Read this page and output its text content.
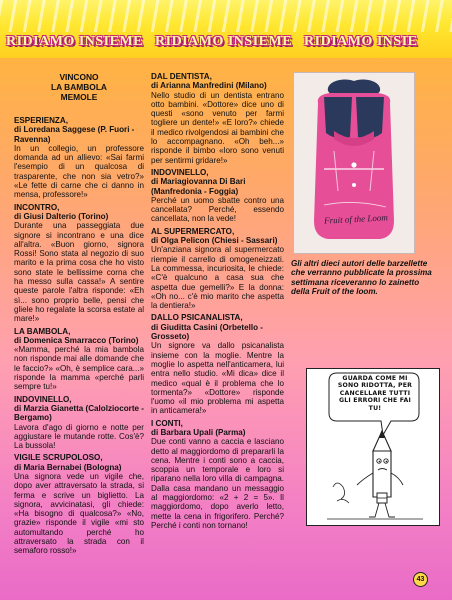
RIDIAMO INSIEME RIDIAMO INSIEME RIDIAMO INSIE
VINCONO
LA BAMBOLA
MEMOLE
ESPERIENZA,
di Loredana Saggese (P. Fuori - Ravenna)

In un collegio, un professore domanda ad un allievo: «Sai farmi l'esempio di un qualcosa di trasparente, che non sia vetro?» «Le fette di carne che ci danno in mensa, professore!»

INCONTRO,
di Giusi Dalterio (Torino)

Durante una passeggiata due signore si incontrano e una dice all'altra. «Buon giorno, signora Rossi! Sono stata al negozio di suo marito e la prima cosa che ho visto sono state le bellissime corna che ha messo sulla cassa!» A sentire queste parole l'altra risponde: «Eh sì... sono proprio belle, pensi che gliele ho regalate la scorsa estate al mare!»

LA BAMBOLA,
di Domenica Smarracco (Torino)

«Mamma, perché la mia bambola non risponde mai alle domande che le faccio?» «Oh, è semplice cara...» risponde la mamma «perché parli sempre tu!»

INDOVINELLO,
di Marzia Gianetta (Calolziocorte - Bergamo)

Lavora d'ago di giorno e notte per aggiustare le mutande rotte. Cos'è? La bussola!

VIGILE SCRUPOLOSO,
di Maria Bernabei (Bologna)

Una signora vede un vigile che, dopo aver attraversato la strada, si ferma e scrive un biglietto. La signora, avvicinatasi, gli chiede: «Ha bisogno di qualcosa?» «No, grazie» risponde il vigile «mi sto automultando perché ho attraversato la strada con il semaforo rosso!»

DAL DENTISTA,
di Arianna Manfredini (Milano)

Nello studio di un dentista entrano otto bambini. «Dottore» dice uno di questi «sono venuto per farmi togliere un dente!» «E loro?» chiede il medico rivolgendosi ai bambini che lo accompagnano. «Oh beh...» risponde il bimbo «loro sono venuti per sentirmi gridare!»

INDOVINELLO,
di Mariagiovanna Di Bari (Manfredonia - Foggia)

Perché un uomo sbatte contro una cancellata? Perché, essendo cancellata, non la vede!

AL SUPERMERCATO,
di Olga Pelicon (Chiesi - Sassari)

Un'anziana signora al supermercato riempie il carrello di omogeneizzati. La commessa, incuriosita, le chiede: «C'è qualcuno a casa sua che aspetta due gemelli?» E la donna: «Oh no... c'è mio marito che aspetta la dentiera!»

DALLO PSICANALISTA,
di Giuditta Casini (Orbetello - Grosseto)

Un signore va dallo psicanalista insieme con la moglie. Mentre la moglie lo aspetta nell'anticamera, lui entra nello studio. «Mi dica» dice il medico «qual è il problema che lo tormenta?» «Dottore» risponde l'uomo «il mio problema mi aspetta in anticamera!»

I CONTI,
di Barbara Upali (Parma)

Due conti vanno a caccia e lasciano detto al maggiordomo di prepararli la cena. Mentre i conti sono a caccia, scoppia un temporale e loro si riparano nella loro villa di campagna. Dalla casa mandano un messaggio al maggiordomo: «2 + 2 = 5». Il maggiordomo, dopo averlo letto, mette la cena in frigorifero. Perché? Perché i conti non tornano!

Fruit of the Loom
Gli altri dieci autori delle barzellette che verranno pubblicate la prossima settimana riceveranno lo zainetto della Fruit of the loom.
GUARDA COME MI SONO RIDOTTA, PER CANCELLARE TUTTI GLI ERRORI CHE FAI TU!
43
